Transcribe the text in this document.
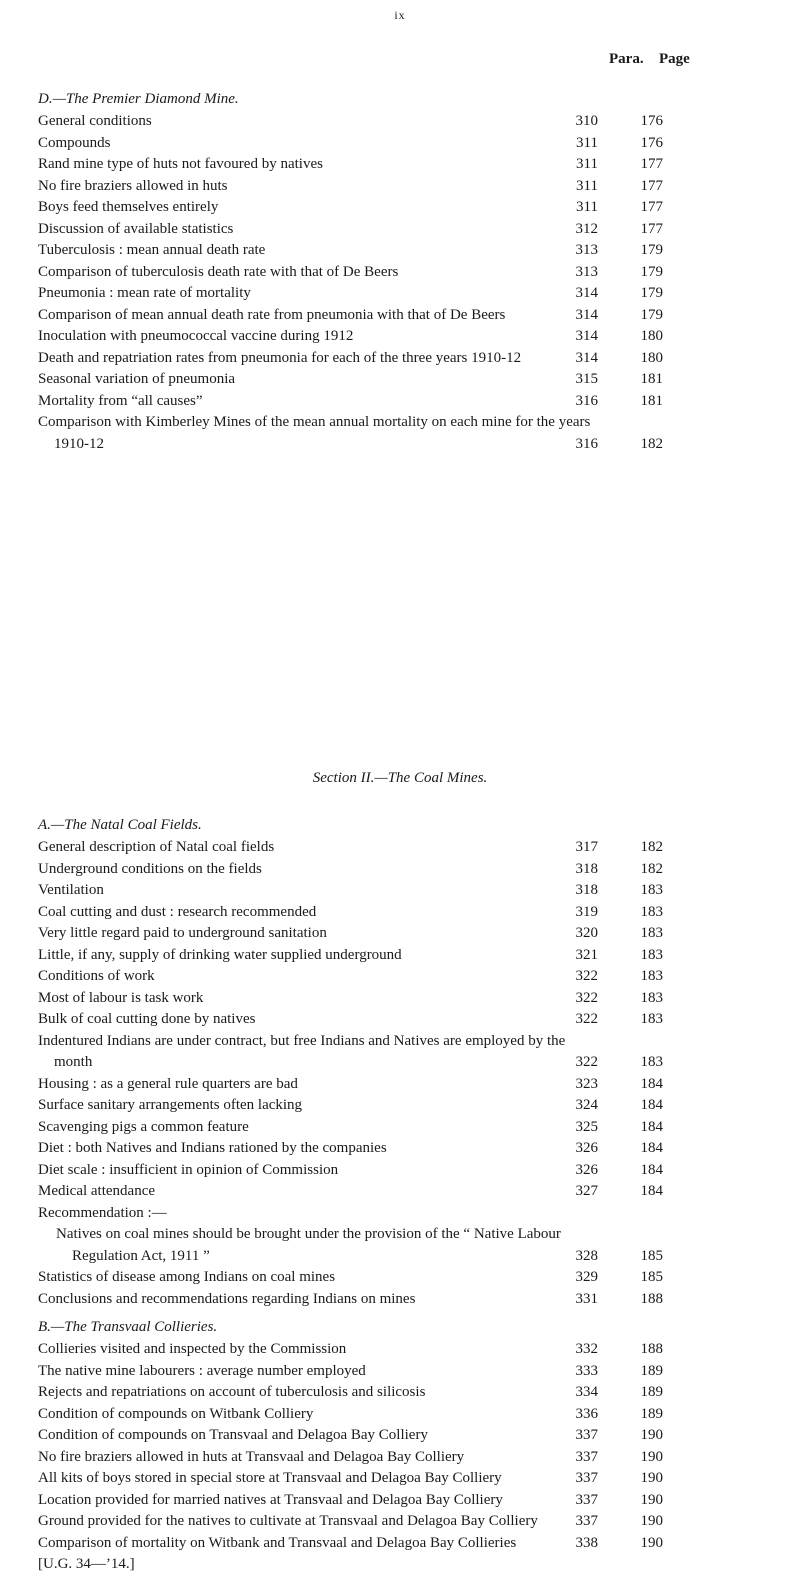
ix
Para. Page
D.—The Premier Diamond Mine.
General conditions	310	176
Compounds	311	176
Rand mine type of huts not favoured by natives	311	177
No fire braziers allowed in huts	311	177
Boys feed themselves entirely	311	177
Discussion of available statistics	312	177
Tuberculosis : mean annual death rate	313	179
Comparison of tuberculosis death rate with that of De Beers	313	179
Pneumonia : mean rate of mortality	314	179
Comparison of mean annual death rate from pneumonia with that of De Beers	314	179
Inoculation with pneumococcal vaccine during 1912	314	180
Death and repatriation rates from pneumonia for each of the three years 1910-12	314	180
Seasonal variation of pneumonia	315	181
Mortality from “all causes”	316	181
Comparison with Kimberley Mines of the mean annual mortality on each mine for the years 1910-12	316	182
Section II.—The Coal Mines.
A.—The Natal Coal Fields.
General description of Natal coal fields	317	182
Underground conditions on the fields	318	182
Ventilation	318	183
Coal cutting and dust : research recommended	319	183
Very little regard paid to underground sanitation	320	183
Little, if any, supply of drinking water supplied underground	321	183
Conditions of work	322	183
Most of labour is task work	322	183
Bulk of coal cutting done by natives	322	183
Indentured Indians are under contract, but free Indians and Natives are employed by the month	322	183
Housing : as a general rule quarters are bad	323	184
Surface sanitary arrangements often lacking	324	184
Scavenging pigs a common feature	325	184
Diet : both Natives and Indians rationed by the companies	326	184
Diet scale : insufficient in opinion of Commission	326	184
Medical attendance	327	184
Recommendation :—
Natives on coal mines should be brought under the provision of the “ Native Labour Regulation Act, 1911 ”	328	185
Statistics of disease among Indians on coal mines	329	185
Conclusions and recommendations regarding Indians on mines	331	188
B.—The Transvaal Collieries.
Collieries visited and inspected by the Commission	332	188
The native mine labourers : average number employed	333	189
Rejects and repatriations on account of tuberculosis and silicosis	334	189
Condition of compounds on Witbank Colliery	336	189
Condition of compounds on Transvaal and Delagoa Bay Colliery	337	190
No fire braziers allowed in huts at Transvaal and Delagoa Bay Colliery	337	190
All kits of boys stored in special store at Transvaal and Delagoa Bay Colliery	337	190
Location provided for married natives at Transvaal and Delagoa Bay Colliery	337	190
Ground provided for the natives to cultivate at Transvaal and Delagoa Bay Colliery	337	190
Comparison of mortality on Witbank and Transvaal and Delagoa Bay Collieries	338	190
[U.G. 34—’14.]
